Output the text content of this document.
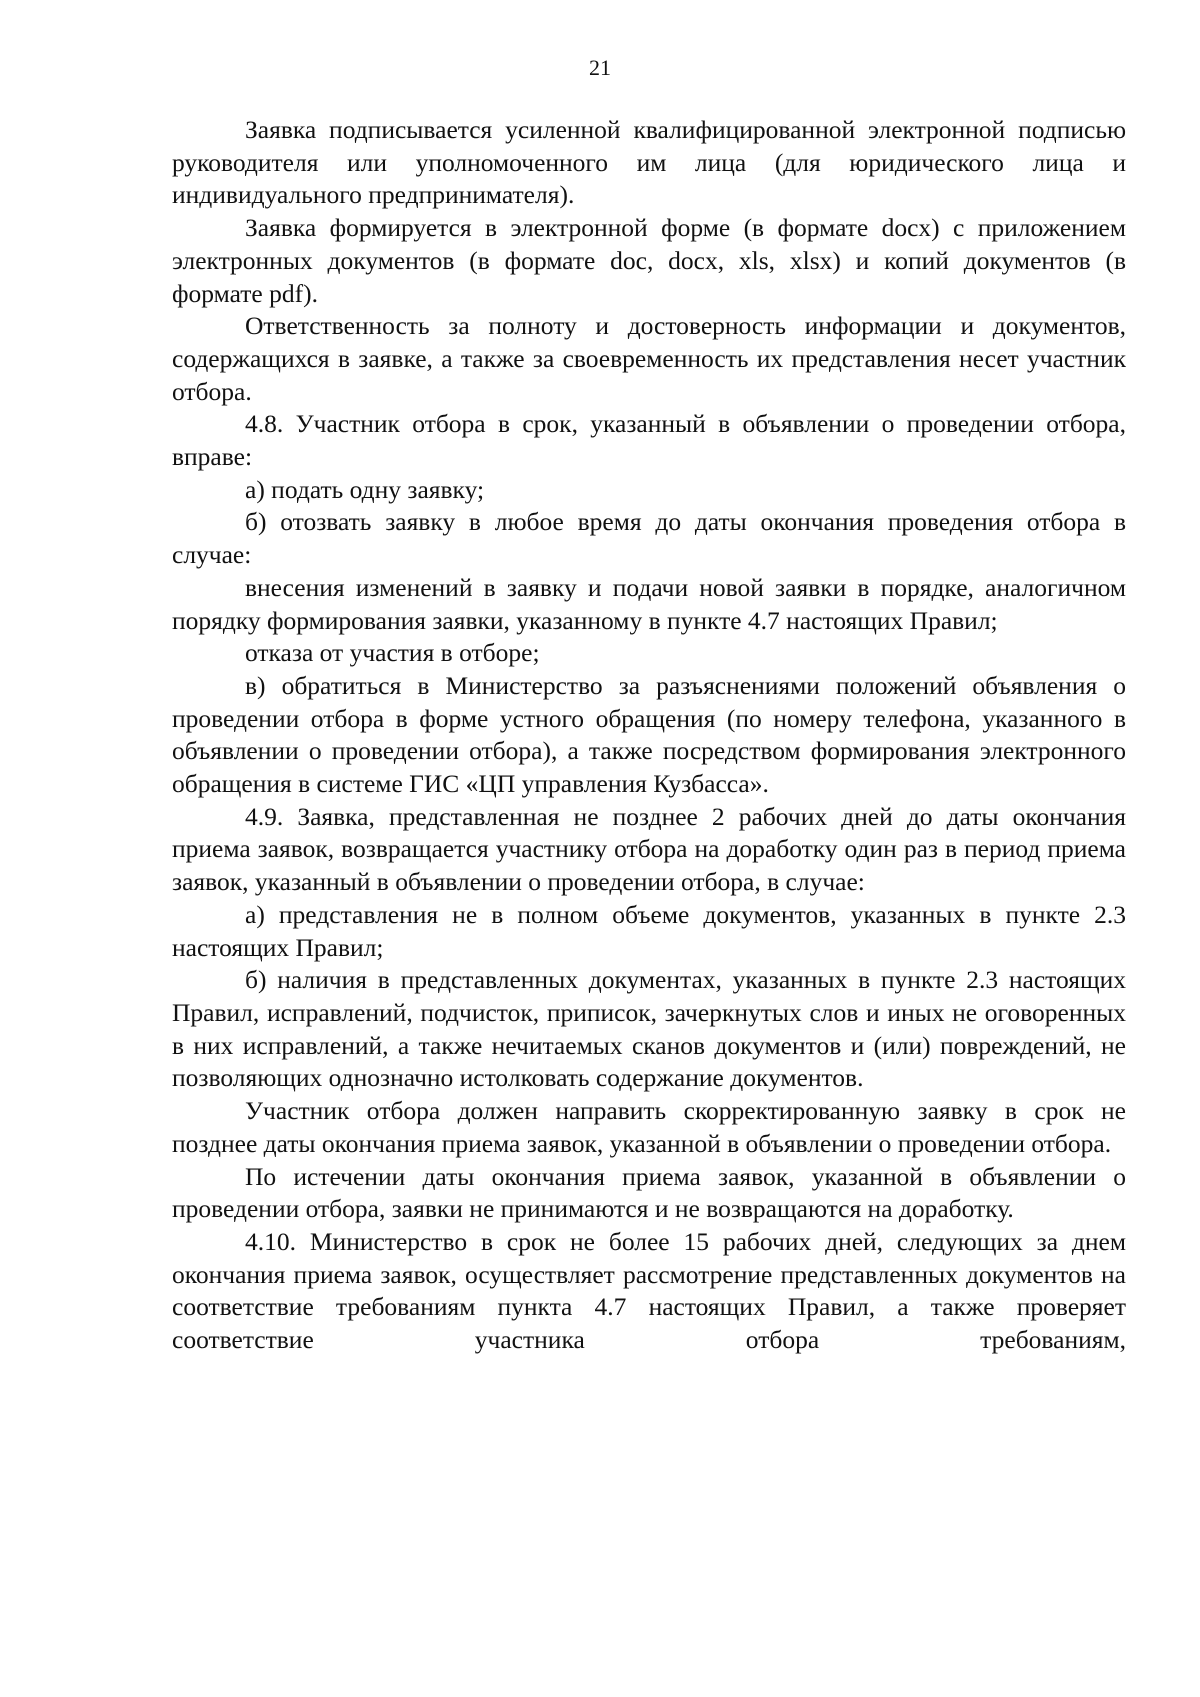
21

Заявка подписывается усиленной квалифицированной электронной подписью руководителя или уполномоченного им лица (для юридического лица и индивидуального предпринимателя).

Заявка формируется в электронной форме (в формате docx) с приложением электронных документов (в формате doc, docx, xls, xlsx) и копий документов (в формате pdf).

Ответственность за полноту и достоверность информации и документов, содержащихся в заявке, а также за своевременность их представления несет участник отбора.

4.8. Участник отбора в срок, указанный в объявлении о проведении отбора, вправе:

а) подать одну заявку;

б) отозвать заявку в любое время до даты окончания проведения отбора в случае:

внесения изменений в заявку и подачи новой заявки в порядке, аналогичном порядку формирования заявки, указанному в пункте 4.7 настоящих Правил;

отказа от участия в отборе;

в) обратиться в Министерство за разъяснениями положений объявления о проведении отбора в форме устного обращения (по номеру телефона, указанного в объявлении о проведении отбора), а также посредством формирования электронного обращения в системе ГИС «ЦП управления Кузбасса».

4.9. Заявка, представленная не позднее 2 рабочих дней до даты окончания приема заявок, возвращается участнику отбора на доработку один раз в период приема заявок, указанный в объявлении о проведении отбора, в случае:

а) представления не в полном объеме документов, указанных в пункте 2.3 настоящих Правил;

б) наличия в представленных документах, указанных в пункте 2.3 настоящих Правил, исправлений, подчисток, приписок, зачеркнутых слов и иных не оговоренных в них исправлений, а также нечитаемых сканов документов и (или) повреждений, не позволяющих однозначно истолковать содержание документов.

Участник отбора должен направить скорректированную заявку в срок не позднее даты окончания приема заявок, указанной в объявлении о проведении отбора.

По истечении даты окончания приема заявок, указанной в объявлении о проведении отбора, заявки не принимаются и не возвращаются на доработку.

4.10. Министерство в срок не более 15 рабочих дней, следующих за днем окончания приема заявок, осуществляет рассмотрение представленных документов на соответствие требованиям пункта 4.7 настоящих Правил, а также проверяет соответствие участника отбора требованиям,
